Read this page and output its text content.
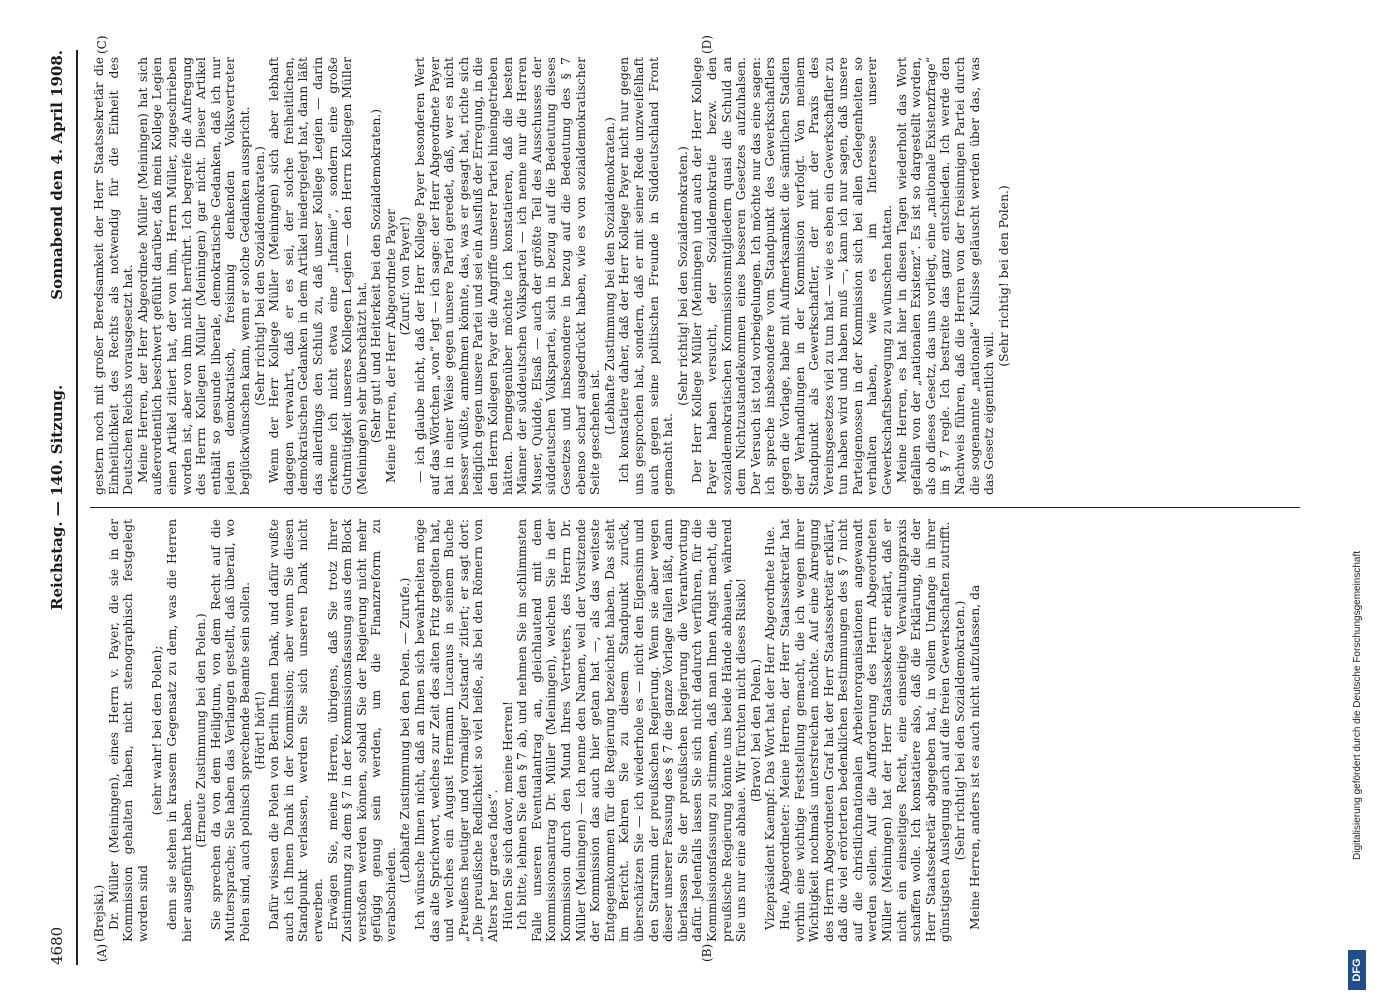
4680
Reichstag. — 140. Sitzung.
Sonnabend den 4. April 1908.
(A)	(B)
(C)	(D)

(Brejski.) Dr. Müller (Meiningen), eines Herrn v. Payer, die sie in der Kommission gehalten haben, nicht stenographisch festgelegt worden sind

(sehr wahr! bei den Polen); denn sie stehen in krassem Gegensatz zu dem, was die Herren hier ausgeführt haben.

(Erneute Zustimmung bei den Polen.) Sie sprechen da von dem Heiligtum, von dem Recht auf die Muttersprache; Sie haben das Verlangen gestellt, daß überall, wo Polen sind, auch polnisch sprechende Beamte sein sollen. (Hört! hört!) Dafür wissen die Polen von Berlin Ihnen Dank, und dafür wußte auch ich Ihnen Dank in der Kommission; aber wenn Sie diesen Standpunkt verlassen, werden Sie sich unseren Dank nicht erwerben. Erwägen Sie, meine Herren, übrigens, daß Sie trotz Ihrer Zustimmung zu dem § 7 in der Kommissionsfassung aus dem Block verstoßen werden können, sobald Sie der Regierung nicht mehr gefügig genug sein werden, um die Finanzreform zu verabschieden.

(Lebhafte Zustimmung bei den Polen. — Zurufe.) Ich wünsche Ihnen nicht, daß an Ihnen sich bewahrheiten möge das alte Sprichwort, welches zur Zeit des alten Fritz gegolten hat, und welches ein August Hermann Lucanus in seinem Buche „Preußens heutiger und vormaliger Zustand“ zitiert; er sagt dort: „Die preußische Redlichkeit so viel heiße, als bei den Römern von Alters her graeca fides“. Hüten Sie sich davor, meine Herren! Ich bitte, lehnen Sie den § 7 ab, und nehmen Sie im schlimmsten Falle unseren Eventualantrag an, gleichlautend mit dem Kommissionsantrag Dr. Müller (Meiningen), welchen Sie in der Kommission durch den Mund Ihres Vertreters, des Herrn Dr. Müller (Meiningen) — ich nenne den Namen, weil der Vorsitzende der Kommission das auch hier getan hat —, als das weiteste Entgegenkommen für die Regierung bezeichnet haben. Das steht im Bericht. Kehren Sie zu diesem Standpunkt zurück, überschätzen Sie — ich wiederhole es — nicht den Eigensinn und den Starrsinn der preußischen Regierung. Wenn sie aber wegen dieser unserer Fassung des § 7 die ganze Vorlage fallen läßt, dann überlassen Sie der preußischen Regierung die Verantwortung dafür. Jedenfalls lassen Sie sich nicht dadurch verführen, für die Kommissionsfassung zu stimmen, daß man Ihnen Angst macht, die preußische Regierung könnte uns beide Hände abhauen, während Sie uns nur eine abhaue. Wir fürchten nicht dieses Risiko! (Bravo! bei den Polen.) Vizepräsident Kaempf: Das Wort hat der Herr Abgeordnete Hue. Hue, Abgeordneter: Meine Herren, der Herr Staatssekretär hat vorhin eine wichtige Feststellung gemacht, die ich wegen ihrer Wichtigkeit nochmals unterstreichen möchte. Auf eine Anregung des Herrn Abgeordneten Graf hat der Herr Staatssekretär erklärt, daß die viel erörterten bedenklichen Bestimmungen des § 7 nicht auf die christlichnationalen Arbeiterorganisationen angewandt werden sollen. Auf die Aufforderung des Herrn Abgeordneten Müller (Meiningen) hat der Herr Staatssekretär erklärt, daß er nicht ein einseitiges Recht, eine einseitige Verwaltungspraxis schaffen wolle. Ich konstatiere also, daß die Erklärung, die der Herr Staatssekretär abgegeben hat, in vollem Umfange in ihrer günstigsten Auslegung auch auf die freien Gewerkschaften zutrifft. (Sehr richtig! bei den Sozialdemokraten.) Meine Herren, anders ist es auch nicht aufzufassen, da

gestern noch mit großer Beredsamkeit der Herr Staatssekretär die Einheitlichkeit des Rechts als notwendig für die Einheit des Deutschen Reichs vorausgesetzt hat. Meine Herren, der Herr Abgeordnete Müller (Meiningen) hat sich außerordentlich beschwert gefühlt darüber, daß mein Kollege Legien einen Artikel zitiert hat, der von ihm, Herrn Müller, zugeschrieben worden ist, aber von ihm nicht herrührt. Ich begreife die Aufregung des Herrn Kollegen Müller (Meiningen) gar nicht. Dieser Artikel enthält so gesunde liberale, demokratische Gedanken, daß ich nur jeden demokratisch, freisinnig denkenden Volksvertreter beglückwünschen kann, wenn er solche Gedanken ausspricht. (Sehr richtig! bei den Sozialdemokraten.) Wenn der Herr Kollege Müller (Meiningen) sich aber lebhaft dagegen verwahrt, daß er es sei, der solche freiheitlichen, demokratischen Gedanken in dem Artikel niedergelegt hat, dann läßt das allerdings den Schluß zu, daß unser Kollege Legien — darin erkenne ich nicht etwa eine „Infamie“, sondern eine große Gutmütigkeit unseres Kollegen Legien — den Herrn Kollegen Müller (Meiningen) sehr überschätzt hat. (Sehr gut! und Heiterkeit bei den Sozialdemokraten.) Meine Herren, der Herr Abgeordnete Payer (Zuruf: von Payer!) — ich glaube nicht, daß der Herr Kollege Payer besonderen Wert auf das Wörtchen „von“ legt — ich sage: der Herr Abgeordnete Payer hat in einer Weise gegen unsere Partei geredet, daß, wer es nicht besser wüßte, annehmen könnte, das, was er gesagt hat, richte sich lediglich gegen unsere Partei und sei ein Ausfluß der Erregung, in die den Herrn Kollegen Payer die Angriffe unserer Partei hineingetrieben hätten. Demgegenüber möchte ich konstatieren, daß die besten Männer der süddeutschen Volkspartei — ich nenne nur die Herren Muser, Quidde, Elsaß — auch der größte Teil des Ausschusses der süddeutschen Volkspartei, sich in bezug auf die Bedeutung dieses Gesetzes und insbesondere in bezug auf die Bedeutung des § 7 ebenso scharf ausgedrückt haben, wie es von sozialdemokratischer Seite geschehen ist. (Lebhafte Zustimmung bei den Sozialdemokraten.) Ich konstatiere daher, daß der Herr Kollege Payer nicht nur gegen uns gesprochen hat, sondern, daß er mit seiner Rede unzweifelhaft auch gegen seine politischen Freunde in Süddeutschland Front gemacht hat.

(Sehr richtig! bei den Sozialdemokraten.) Der Herr Kollege Müller (Meiningen) und auch der Herr Kollege Payer haben versucht, der Sozialdemokratie bezw. den sozialdemokratischen Kommissionsmitgliedern quasi die Schuld an dem Nichtzustandekommen eines besseren Gesetzes aufzuhalsen. Der Versuch ist total vorbeigelungen. Ich möchte nur das eine sagen: ich spreche insbesondere vom Standpunkt des Gewerkschaftlers gegen die Vorlage, habe mit Aufmerksamkeit die sämtlichen Stadien der Verhandlungen in der Kommission verfolgt. Von meinem Standpunkt als Gewerkschaftler, der mit der Praxis des Vereinsgesetzes viel zu tun hat — wie es eben ein Gewerkschaftler zu tun haben wird und haben muß —, kann ich nur sagen, daß unsere Parteigenossen in der Kommission sich bei allen Gelegenheiten so verhalten haben, wie es im Interesse unserer Gewerkschaftsbewegung zu wünschen hatten. Meine Herren, es hat hier in diesen Tagen wiederholt das Wort gefallen von der „nationalen Existenz“. Es ist so dargestellt worden, als ob dieses Gesetz, das uns vorliegt, eine „nationale Existenzfrage“ im § 7 regle. Ich bestreite das ganz entschieden. Ich werde den Nachweis führen, daß die Herren von der freisinnigen Partei durch die sogenannte „nationale“ Kulisse geläuscht werden über das, was das Gesetz eigentlich will.

(Sehr richtig! bei den Polen.)

DFG
Digitalisierung gefördert durch die Deutsche Forschungsgemeinschaft
